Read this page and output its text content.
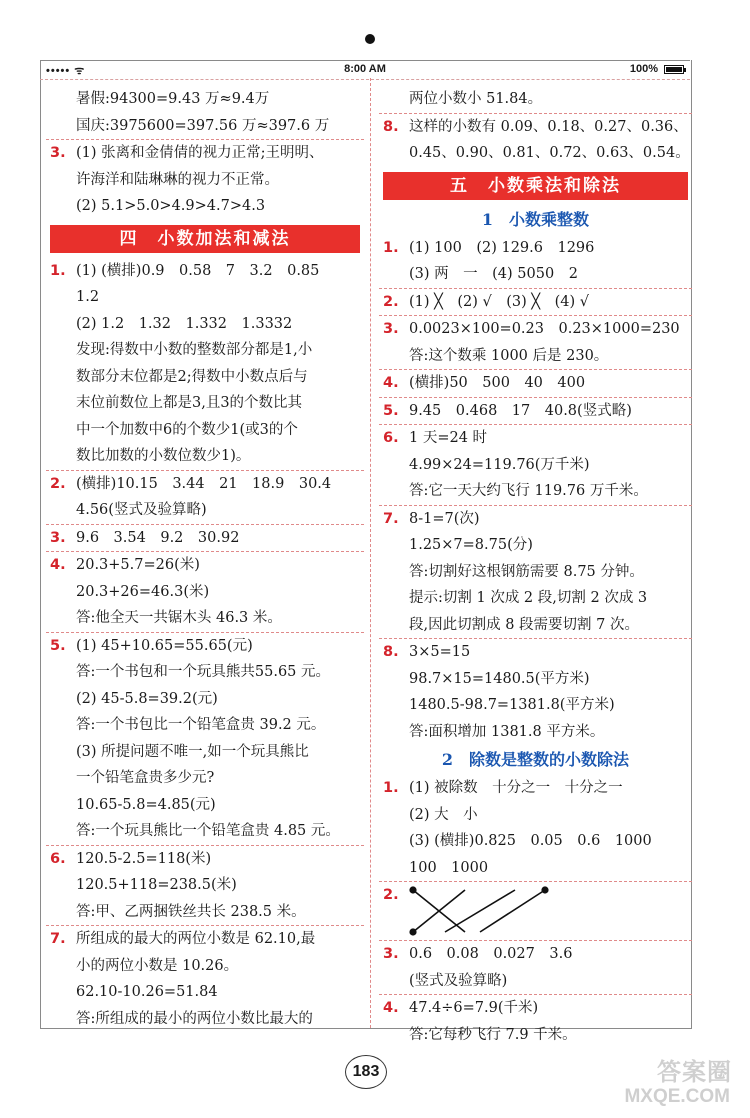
••••• ᯤ	8:00 AM	100%
暑假:94300=9.43 万≈9.4万
国庆:3975600=397.56 万≈397.6 万
3. (1) 张离和金倩倩的视力正常;王明明、
许海洋和陆琳琳的视力不正常。
(2) 5.1>5.0>4.9>4.7>4.3
四　小数加法和减法
1. (1) (横排)0.9　0.58　7　3.2　0.85
1.2
(2) 1.2　1.32　1.332　1.3332
发现:得数中小数的整数部分都是1,小
数部分末位都是2;得数中小数点后与
末位前数位上都是3,且3的个数比其
中一个加数中6的个数少1(或3的个
数比加数的小数位数少1)。
2. (横排)10.15　3.44　21　18.9　30.4
4.56(竖式及验算略)
3. 9.6　3.54　9.2　30.92
4. 20.3+5.7=26(米)
20.3+26=46.3(米)
答:他全天一共锯木头 46.3 米。
5. (1) 45+10.65=55.65(元)
答:一个书包和一个玩具熊共55.65 元。
(2) 45-5.8=39.2(元)
答:一个书包比一个铅笔盒贵 39.2 元。
(3) 所提问题不唯一,如一个玩具熊比
一个铅笔盒贵多少元?
10.65-5.8=4.85(元)
答:一个玩具熊比一个铅笔盒贵 4.85 元。
6. 120.5-2.5=118(米)
120.5+118=238.5(米)
答:甲、乙两捆铁丝共长 238.5 米。
7. 所组成的最大的两位小数是 62.10,最
小的两位小数是 10.26。
62.10-10.26=51.84
答:所组成的最小的两位小数比最大的
两位小数小 51.84。
8. 这样的小数有 0.09、0.18、0.27、0.36、
0.45、0.90、0.81、0.72、0.63、0.54。
五　小数乘法和除法
1　小数乘整数
1. (1) 100　(2) 129.6　1296
(3) 两　一　(4) 5050　2
2. (1) ╳　(2) √　(3) ╳　(4) √
3. 0.0023×100=0.23　0.23×1000=230
答:这个数乘 1000 后是 230。
4. (横排)50　500　40　400
5. 9.45　0.468　17　40.8(竖式略)
6. 1 天=24 时
4.99×24=119.76(万千米)
答:它一天大约飞行 119.76 万千米。
7. 8-1=7(次)
1.25×7=8.75(分)
答:切割好这根钢筋需要 8.75 分钟。
提示:切割 1 次成 2 段,切割 2 次成 3
段,因此切割成 8 段需要切割 7 次。
8. 3×5=15
98.7×15=1480.5(平方米)
1480.5-98.7=1381.8(平方米)
答:面积增加 1381.8 平方米。
2　除数是整数的小数除法
1. (1) 被除数　十分之一　十分之一
(2) 大　小
(3) (横排)0.825　0.05　0.6　1000
100　1000
2.
3. 0.6　0.08　0.027　3.6
(竖式及验算略)
4. 47.4÷6=7.9(千米)
答:它每秒飞行 7.9 千米。
183	答案圈
MXQE.COM
